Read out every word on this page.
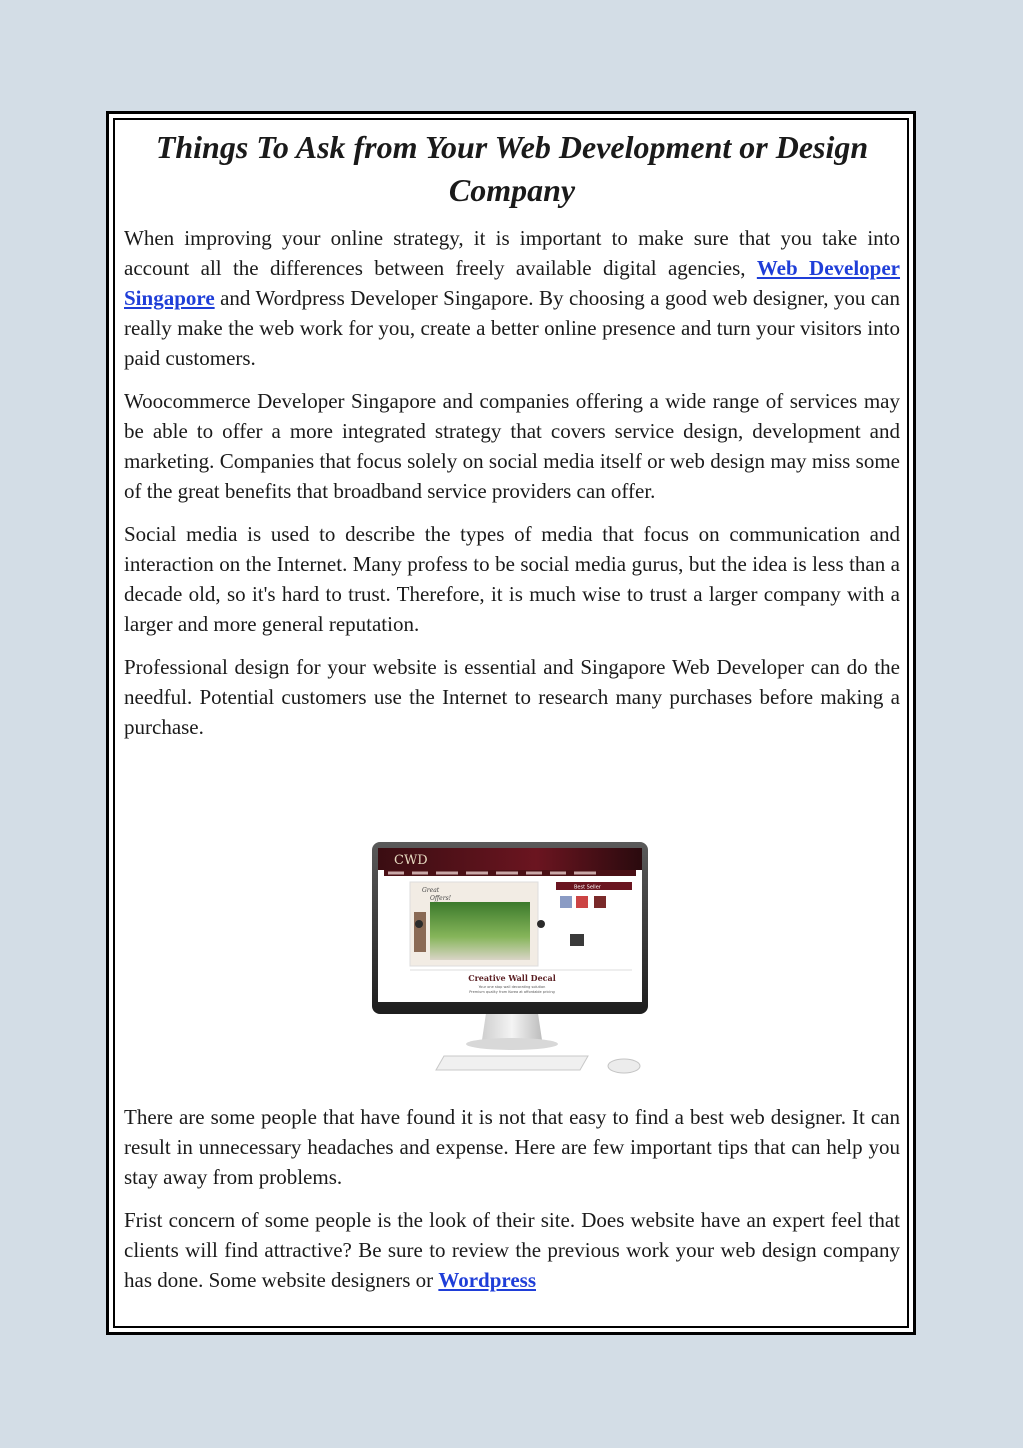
Things To Ask from Your Web Development or Design Company

When improving your online strategy, it is important to make sure that you take into account all the differences between freely available digital agencies, Web Developer Singapore and Wordpress Developer Singapore. By choosing a good web designer, you can really make the web work for you, create a better online presence and turn your visitors into paid customers.

Woocommerce Developer Singapore and companies offering a wide range of services may be able to offer a more integrated strategy that covers service design, development and marketing. Companies that focus solely on social media itself or web design may miss some of the great benefits that broadband service providers can offer.

Social media is used to describe the types of media that focus on communication and interaction on the Internet. Many profess to be social media gurus, but the idea is less than a decade old, so it's hard to trust. Therefore, it is much wise to trust a larger company with a larger and more general reputation.

Professional design for your website is essential and Singapore Web Developer can do the needful. Potential customers use the Internet to research many purchases before making a purchase.

CWD
Great
Offers!
Best Seller
Creative Wall Decal
Your one stop wall decorating solution
Premium quality from Korea at affordable pricing

There are some people that have found it is not that easy to find a best web designer. It can result in unnecessary headaches and expense. Here are few important tips that can help you stay away from problems.

Frist concern of some people is the look of their site. Does website have an expert feel that clients will find attractive? Be sure to review the previous work your web design company has done. Some website designers or Wordpress
